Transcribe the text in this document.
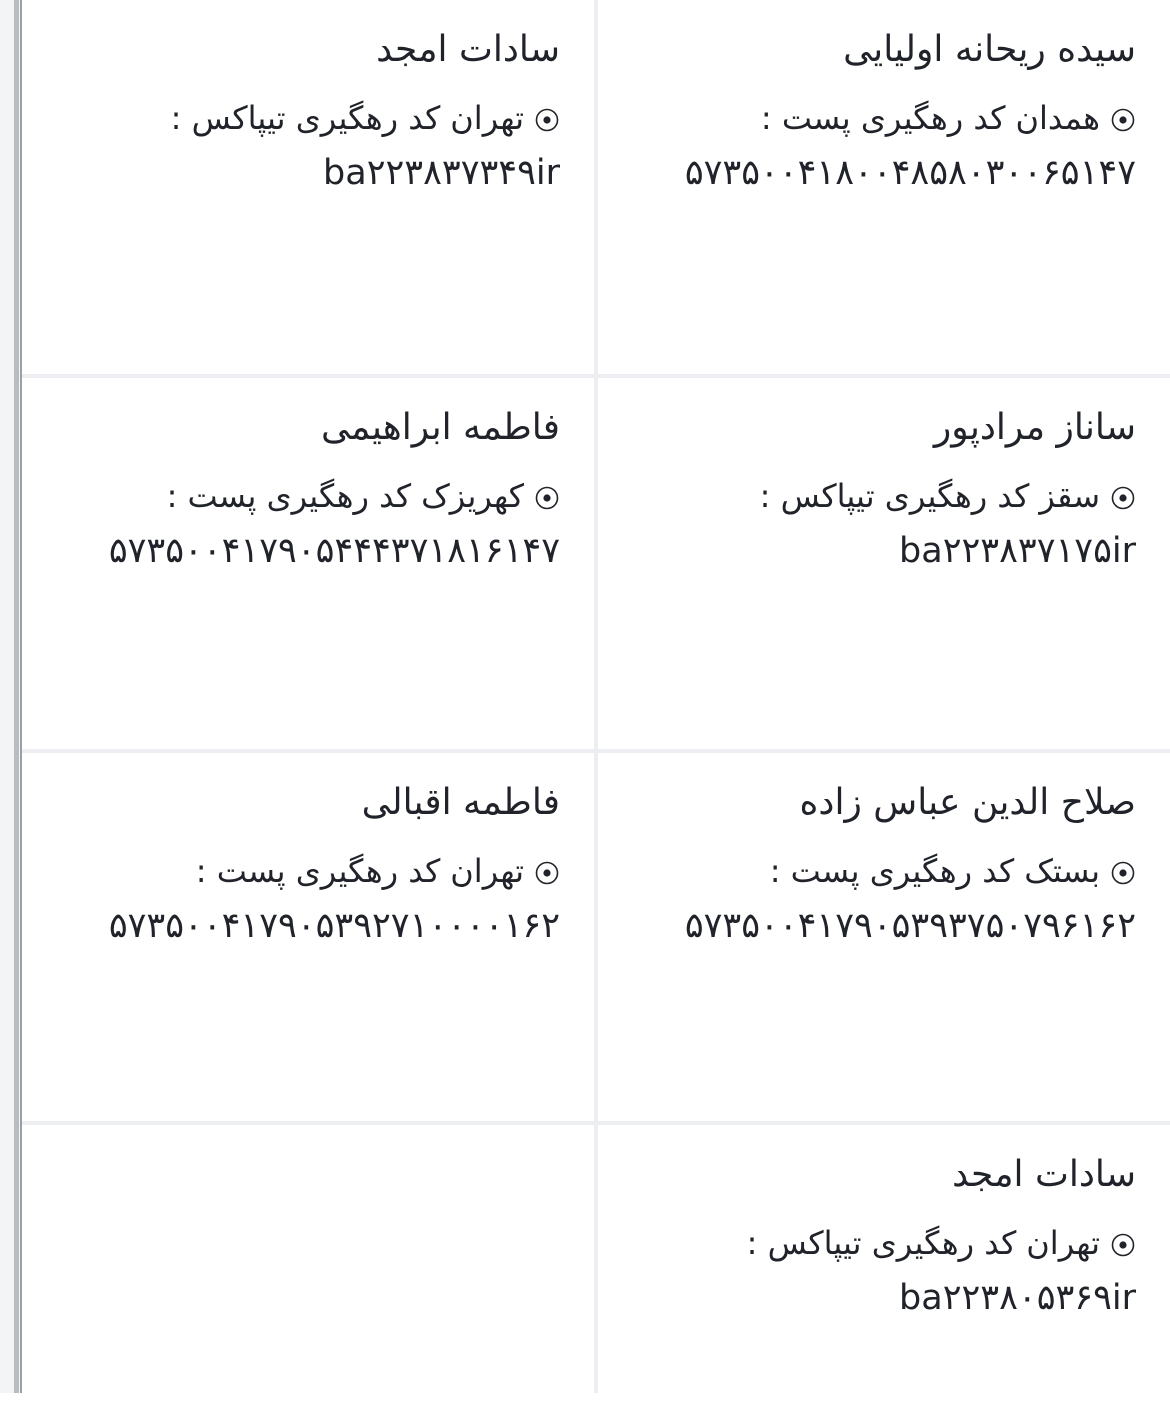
سیده ریحانه اولیایی
همدان
کد رهگیری پست :
۵۷۳۵۰۰۴۱۸۰۰۴۸۵۸۰۳۰۰۶۵۱۴۷
سادات امجد
تهران
کد رهگیری تیپاکس :
ba۲۲۳۸۳۷۳۴۹ir
ساناز مرادپور
سقز
کد رهگیری تیپاکس :
ba۲۲۳۸۳۷۱۷۵ir
فاطمه ابراهیمی
کهریزک
کد رهگیری پست :
۵۷۳۵۰۰۴۱۷۹۰۵۴۴۴۳۷۱۸۱۶۱۴۷
صلاح الدین عباس زاده
بستک
کد رهگیری پست :
۵۷۳۵۰۰۴۱۷۹۰۵۳۹۳۷۵۰۷۹۶۱۶۲
فاطمه اقبالی
تهران
کد رهگیری پست :
۵۷۳۵۰۰۴۱۷۹۰۵۳۹۲۷۱۰۰۰۰۱۶۲
سادات امجد
تهران
کد رهگیری تیپاکس :
ba۲۲۳۸۰۵۳۶۹ir
